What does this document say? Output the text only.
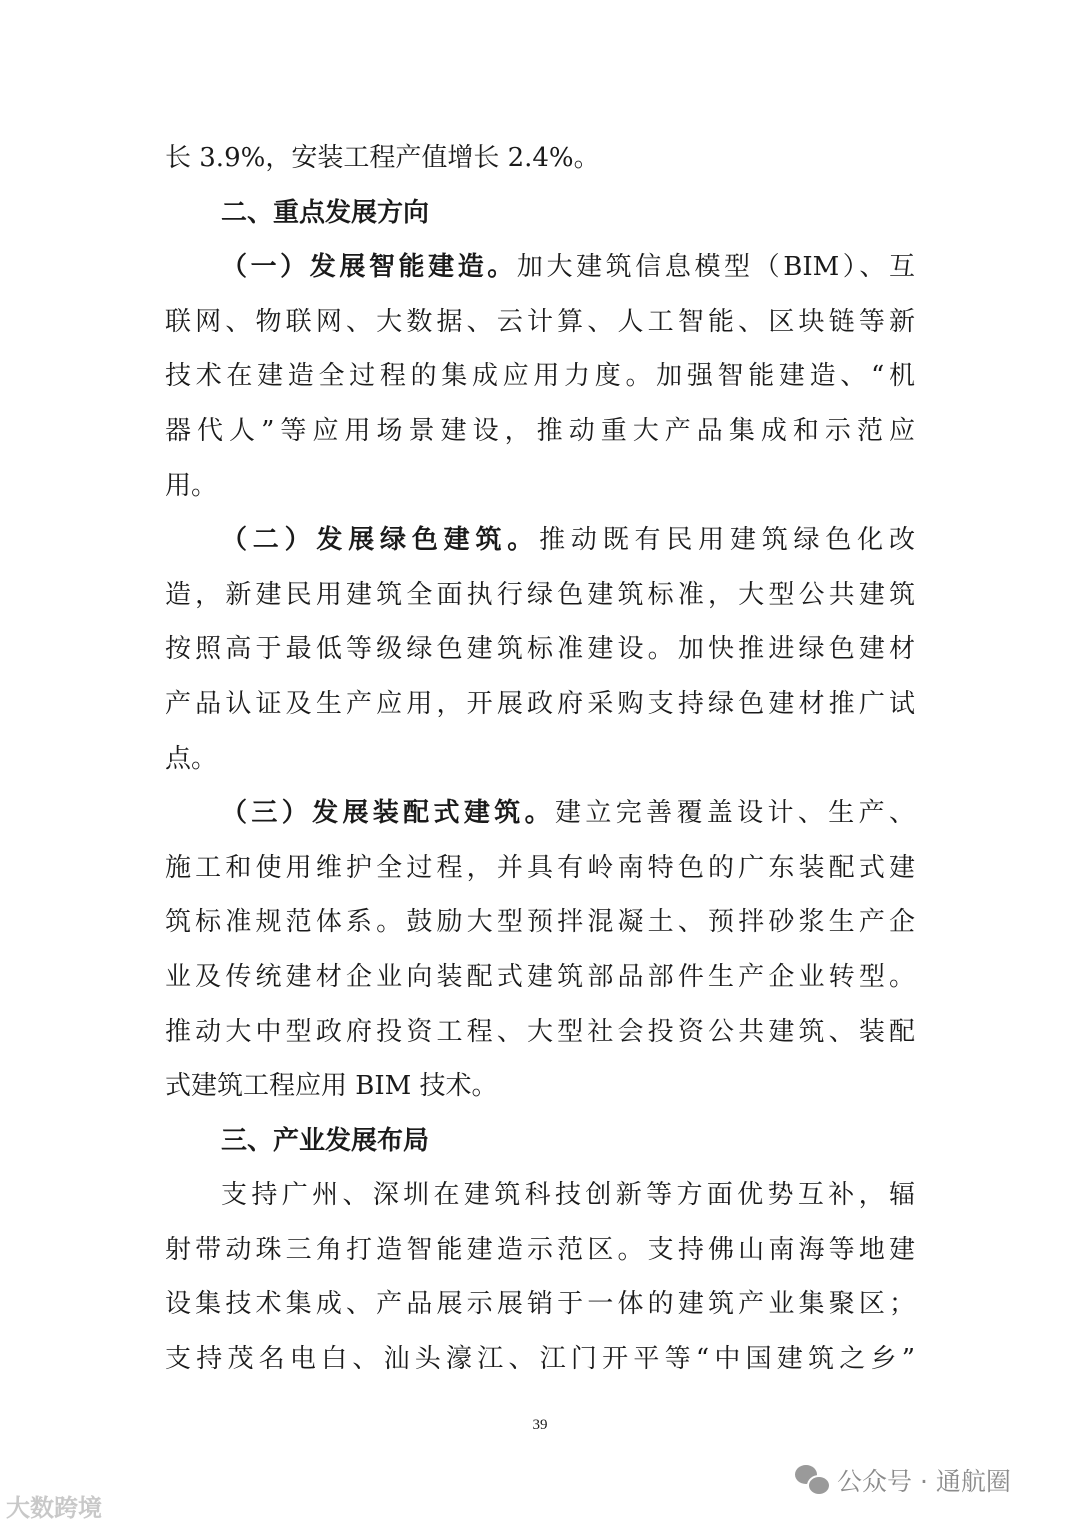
长 3.9%，安装工程产值增长 2.4%。
二、重点发展方向
（一）发展智能建造。加大建筑信息模型（BIM）、互
联网、物联网、大数据、云计算、人工智能、区块链等新
技术在建造全过程的集成应用力度。加强智能建造、“机
器代人”等应用场景建设，推动重大产品集成和示范应
用。
（二）发展绿色建筑。推动既有民用建筑绿色化改
造，新建民用建筑全面执行绿色建筑标准，大型公共建筑
按照高于最低等级绿色建筑标准建设。加快推进绿色建材
产品认证及生产应用，开展政府采购支持绿色建材推广试
点。
（三）发展装配式建筑。建立完善覆盖设计、生产、
施工和使用维护全过程，并具有岭南特色的广东装配式建
筑标准规范体系。鼓励大型预拌混凝土、预拌砂浆生产企
业及传统建材企业向装配式建筑部品部件生产企业转型。
推动大中型政府投资工程、大型社会投资公共建筑、装配
式建筑工程应用 BIM 技术。
三、产业发展布局
支持广州、深圳在建筑科技创新等方面优势互补，辐
射带动珠三角打造智能建造示范区。支持佛山南海等地建
设集技术集成、产品展示展销于一体的建筑产业集聚区；
支持茂名电白、汕头濠江、江门开平等“中国建筑之乡”
39
大数跨境
公众号 · 通航圈
